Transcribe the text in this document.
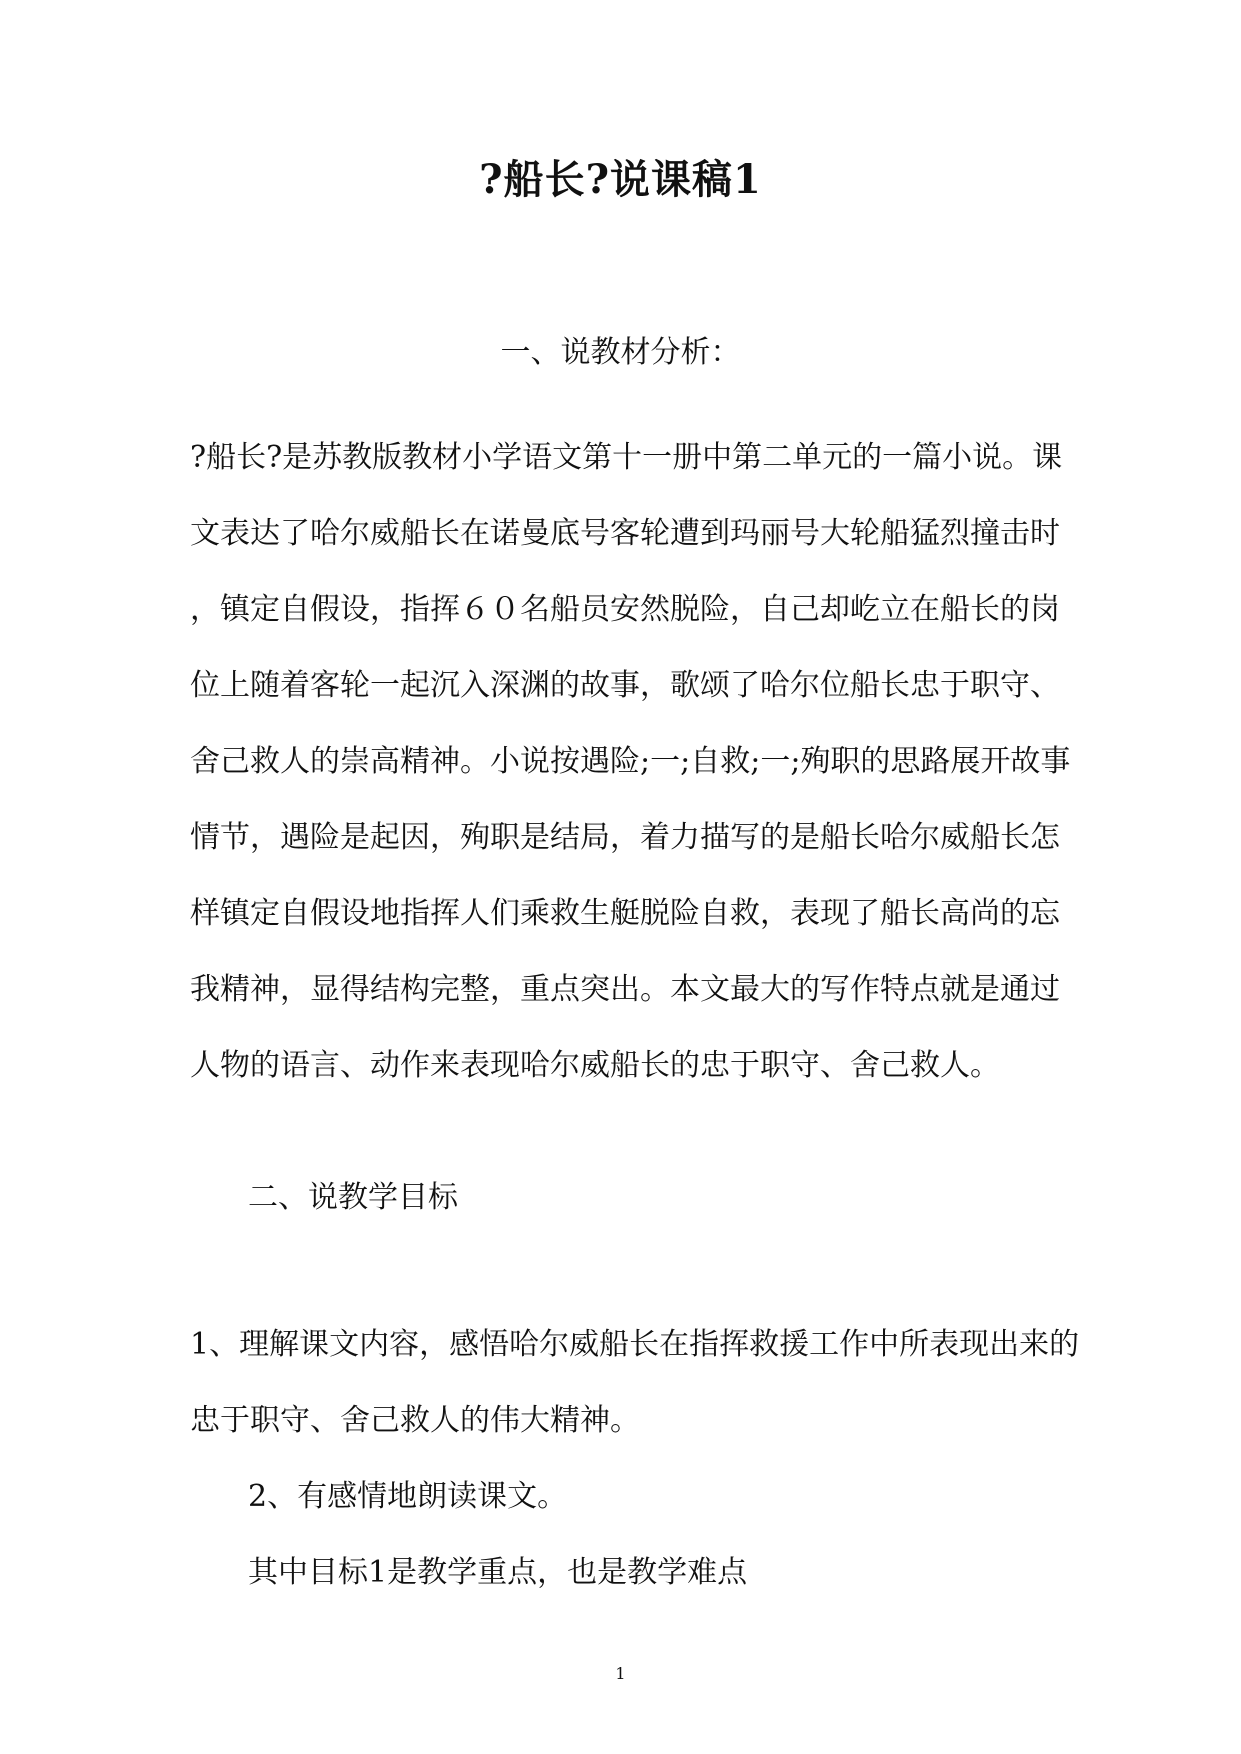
?船长?说课稿1
一、说教材分析：
?船长?是苏教版教材小学语文第十一册中第二单元的一篇小说。课
文表达了哈尔威船长在诺曼底号客轮遭到玛丽号大轮船猛烈撞击时
，镇定自假设，指挥６０名船员安然脱险，自己却屹立在船长的岗
位上随着客轮一起沉入深渊的故事，歌颂了哈尔位船长忠于职守、
舍己救人的崇高精神。小说按遇险;一;自救;一;殉职的思路展开故事
情节，遇险是起因，殉职是结局，着力描写的是船长哈尔威船长怎
样镇定自假设地指挥人们乘救生艇脱险自救，表现了船长高尚的忘
我精神，显得结构完整，重点突出。本文最大的写作特点就是通过
人物的语言、动作来表现哈尔威船长的忠于职守、舍己救人。
二、说教学目标
1、理解课文内容，感悟哈尔威船长在指挥救援工作中所表现出来的
忠于职守、舍己救人的伟大精神。
2、有感情地朗读课文。
其中目标1是教学重点，也是教学难点
1
